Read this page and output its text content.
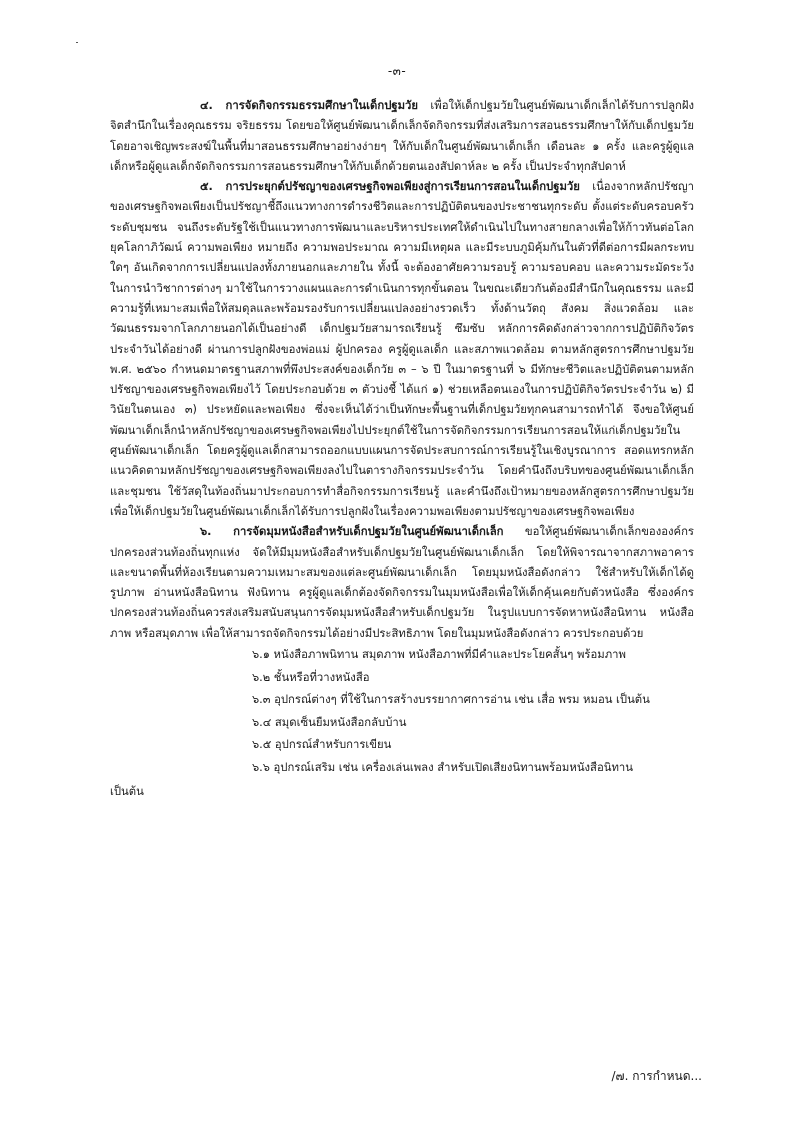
-๓-

๔. การจัดกิจกรรมธรรมศึกษาในเด็กปฐมวัย เพื่อให้เด็กปฐมวัยในศูนย์พัฒนาเด็กเล็กได้รับการปลูกฝังจิตสำนึกในเรื่องคุณธรรม จริยธรรม โดยขอให้ศูนย์พัฒนาเด็กเล็กจัดกิจกรรมที่ส่งเสริมการสอนธรรมศึกษาให้กับเด็กปฐมวัย โดยอาจเชิญพระสงฆ์ในพื้นที่มาสอนธรรมศึกษาอย่างง่ายๆ ให้กับเด็กในศูนย์พัฒนาเด็กเล็ก เดือนละ ๑ ครั้ง และครูผู้ดูแลเด็กหรือผู้ดูแลเด็กจัดกิจกรรมการสอนธรรมศึกษาให้กับเด็กด้วยตนเองสัปดาห์ละ ๒ ครั้ง เป็นประจำทุกสัปดาห์

๕. การประยุกต์ปรัชญาของเศรษฐกิจพอเพียงสู่การเรียนการสอนในเด็กปฐมวัย เนื่องจากหลักปรัชญาของเศรษฐกิจพอเพียงเป็นปรัชญาชี้ถึงแนวทางการดำรงชีวิตและการปฏิบัติตนของประชาชนทุกระดับ ตั้งแต่ระดับครอบครัว ระดับชุมชน จนถึงระดับรัฐใช้เป็นแนวทางการพัฒนาและบริหารประเทศให้ดำเนินไปในทางสายกลางเพื่อให้ก้าวทันต่อโลกยุคโลกาภิวัฒน์ ความพอเพียง หมายถึง ความพอประมาณ ความมีเหตุผล และมีระบบภูมิคุ้มกันในตัวที่ดีต่อการมีผลกระทบใดๆ อันเกิดจากการเปลี่ยนแปลงทั้งภายนอกและภายใน ทั้งนี้ จะต้องอาศัยความรอบรู้ ความรอบคอบ และความระมัดระวังในการนำวิชาการต่างๆ มาใช้ในการวางแผนและการดำเนินการทุกขั้นตอน ในขณะเดียวกันต้องมีสำนึกในคุณธรรม และมีความรู้ที่เหมาะสมเพื่อให้สมดุลและพร้อมรองรับการเปลี่ยนแปลงอย่างรวดเร็ว ทั้งด้านวัตถุ สังคม สิ่งแวดล้อม และวัฒนธรรมจากโลกภายนอกได้เป็นอย่างดี เด็กปฐมวัยสามารถเรียนรู้ ซึมซับ หลักการคิดดังกล่าวจากการปฏิบัติกิจวัตรประจำวันได้อย่างดี ผ่านการปลูกฝังของพ่อแม่ ผู้ปกครอง ครูผู้ดูแลเด็ก และสภาพแวดล้อม ตามหลักสูตรการศึกษาปฐมวัย พ.ศ. ๒๕๖๐ กำหนดมาตรฐานสภาพที่พึงประสงค์ของเด็กวัย ๓ – ๖ ปี ในมาตรฐานที่ ๖ มีทักษะชีวิตและปฏิบัติตนตามหลักปรัชญาของเศรษฐกิจพอเพียงไว้ โดยประกอบด้วย ๓ ตัวบ่งชี้ ได้แก่ ๑) ช่วยเหลือตนเองในการปฏิบัติกิจวัตรประจำวัน ๒) มีวินัยในตนเอง ๓) ประหยัดและพอเพียง ซึ่งจะเห็นได้ว่าเป็นทักษะพื้นฐานที่เด็กปฐมวัยทุกคนสามารถทำได้ จึงขอให้ศูนย์พัฒนาเด็กเล็กนำหลักปรัชญาของเศรษฐกิจพอเพียงไปประยุกต์ใช้ในการจัดกิจกรรมการเรียนการสอนให้แก่เด็กปฐมวัยในศูนย์พัฒนาเด็กเล็ก โดยครูผู้ดูแลเด็กสามารถออกแบบแผนการจัดประสบการณ์การเรียนรู้ในเชิงบูรณาการ สอดแทรกหลักแนวคิดตามหลักปรัชญาของเศรษฐกิจพอเพียงลงไปในตารางกิจกรรมประจำวัน โดยคำนึงถึงบริบทของศูนย์พัฒนาเด็กเล็กและชุมชน ใช้วัสดุในท้องถิ่นมาประกอบการทำสื่อกิจกรรมการเรียนรู้ และคำนึงถึงเป้าหมายของหลักสูตรการศึกษาปฐมวัยเพื่อให้เด็กปฐมวัยในศูนย์พัฒนาเด็กเล็กได้รับการปลูกฝังในเรื่องความพอเพียงตามปรัชญาของเศรษฐกิจพอเพียง

๖. การจัดมุมหนังสือสำหรับเด็กปฐมวัยในศูนย์พัฒนาเด็กเล็ก ขอให้ศูนย์พัฒนาเด็กเล็กขององค์กรปกครองส่วนท้องถิ่นทุกแห่ง จัดให้มีมุมหนังสือสำหรับเด็กปฐมวัยในศูนย์พัฒนาเด็กเล็ก โดยให้พิจารณาจากสภาพอาคารและขนาดพื้นที่ห้องเรียนตามความเหมาะสมของแต่ละศูนย์พัฒนาเด็กเล็ก โดยมุมหนังสือดังกล่าว ใช้สำหรับให้เด็กได้ดูรูปภาพ อ่านหนังสือนิทาน ฟังนิทาน ครูผู้ดูแลเด็กต้องจัดกิจกรรมในมุมหนังสือเพื่อให้เด็กคุ้นเคยกับตัวหนังสือ ซึ่งองค์กรปกครองส่วนท้องถิ่นควรส่งเสริมสนับสนุนการจัดมุมหนังสือสำหรับเด็กปฐมวัย ในรูปแบบการจัดหาหนังสือนิทาน หนังสือภาพ หรือสมุดภาพ เพื่อให้สามารถจัดกิจกรรมได้อย่างมีประสิทธิภาพ โดยในมุมหนังสือดังกล่าว ควรประกอบด้วย

๖.๑ หนังสือภาพนิทาน สมุดภาพ หนังสือภาพที่มีคำและประโยคสั้นๆ พร้อมภาพ
๖.๒ ชั้นหรือที่วางหนังสือ
๖.๓ อุปกรณ์ต่างๆ ที่ใช้ในการสร้างบรรยากาศการอ่าน เช่น เสื่อ พรม หมอน เป็นต้น
๖.๔ สมุดเซ็นยืมหนังสือกลับบ้าน
๖.๕ อุปกรณ์สำหรับการเขียน
๖.๖ อุปกรณ์เสริม เช่น เครื่องเล่นเพลง สำหรับเปิดเสียงนิทานพร้อมหนังสือนิทาน

เป็นต้น

/๗. การกำหนด...
